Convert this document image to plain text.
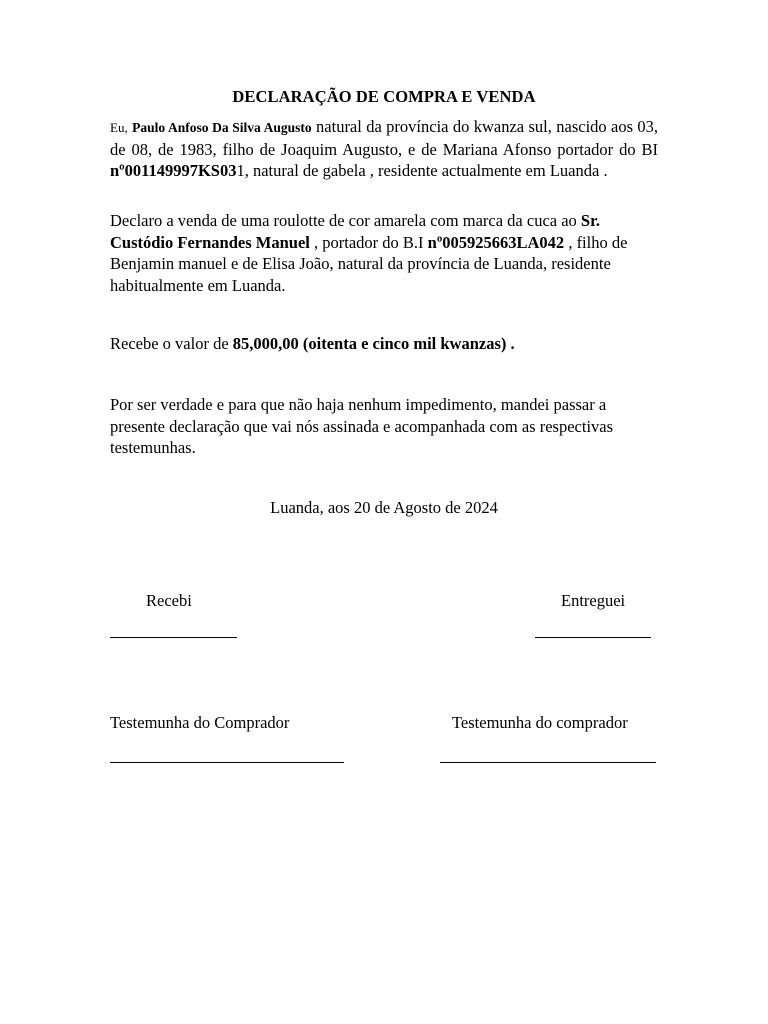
DECLARAÇÃO DE COMPRA E VENDA
Eu, Paulo Anfoso Da Silva Augusto natural da província do kwanza sul, nascido aos 03, de 08, de 1983, filho de Joaquim Augusto, e de Mariana Afonso portador do BI nº001149997KS031, natural de gabela , residente actualmente em Luanda .
Declaro a venda de uma roulotte de cor amarela com marca da cuca ao Sr. Custódio Fernandes Manuel , portador do B.I nº005925663LA042 , filho de Benjamin manuel e de Elisa João, natural da província de Luanda, residente habitualmente em Luanda.
Recebe o valor de 85,000,00 (oitenta e cinco mil kwanzas) .
Por ser verdade e para que não haja nenhum impedimento, mandei passar a presente declaração que vai nós assinada e acompanhada com as respectivas testemunhas.
Luanda, aos 20 de Agosto de 2024
Recebi	Entreguei
Testemunha do Comprador	Testemunha do comprador
